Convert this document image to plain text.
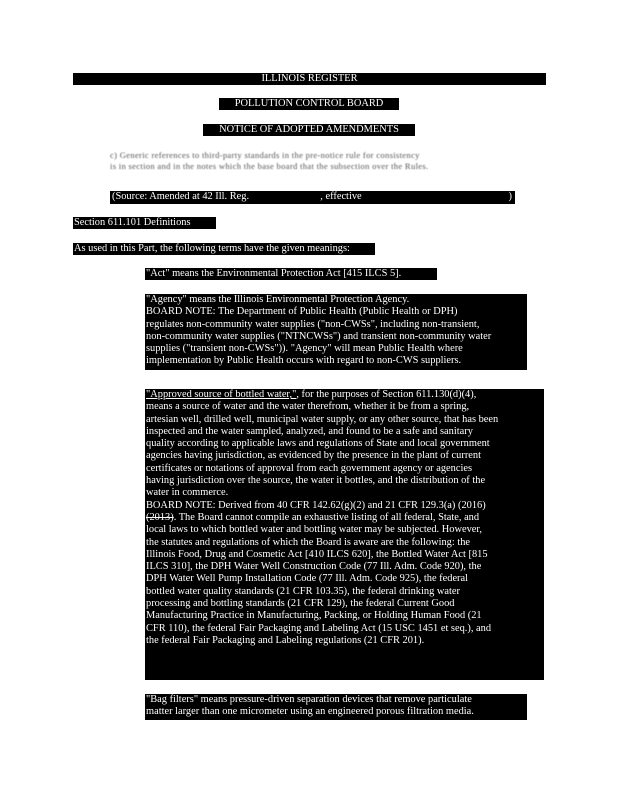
ILLINOIS REGISTER
POLLUTION CONTROL BOARD
NOTICE OF ADOPTED AMENDMENTS
c) Generic references to third-party standards in the pre-notice rule for consistency
is in section and in the notes which the base board that the subsection over the Rules.
(Source: Amended at 42 Ill. Reg.	, effective	)
Section 611.101 Definitions
As used in this Part, the following terms have the given meanings:
"Act" means the Environmental Protection Act [415 ILCS 5].
"Agency" means the Illinois Environmental Protection Agency.
BOARD NOTE: The Department of Public Health (Public Health or DPH)
regulates non-community water supplies ("non-CWSs", including non-transient,
non-community water supplies ("NTNCWSs") and transient non-community water
supplies ("transient non-CWSs")). "Agency" will mean Public Health where
implementation by Public Health occurs with regard to non-CWS suppliers.
"Approved source of bottled water,", for the purposes of Section 611.130(d)(4),
means a source of water and the water therefrom, whether it be from a spring,
artesian well, drilled well, municipal water supply, or any other source, that has been
inspected and the water sampled, analyzed, and found to be a safe and sanitary
quality according to applicable laws and regulations of State and local government
agencies having jurisdiction, as evidenced by the presence in the plant of current
certificates or notations of approval from each government agency or agencies
having jurisdiction over the source, the water it bottles, and the distribution of the
water in commerce.
BOARD NOTE: Derived from 40 CFR 142.62(g)(2) and 21 CFR 129.3(a) (2016)
(2013). The Board cannot compile an exhaustive listing of all federal, State, and
local laws to which bottled water and bottling water may be subjected. However,
the statutes and regulations of which the Board is aware are the following: the
Illinois Food, Drug and Cosmetic Act [410 ILCS 620], the Bottled Water Act [815
ILCS 310], the DPH Water Well Construction Code (77 Ill. Adm. Code 920), the
DPH Water Well Pump Installation Code (77 Ill. Adm. Code 925), the federal
bottled water quality standards (21 CFR 103.35), the federal drinking water
processing and bottling standards (21 CFR 129), the federal Current Good
Manufacturing Practice in Manufacturing, Packing, or Holding Human Food (21
CFR 110), the federal Fair Packaging and Labeling Act (15 USC 1451 et seq.), and
the federal Fair Packaging and Labeling regulations (21 CFR 201).
"Bag filters" means pressure-driven separation devices that remove particulate
matter larger than one micrometer using an engineered porous filtration media.
